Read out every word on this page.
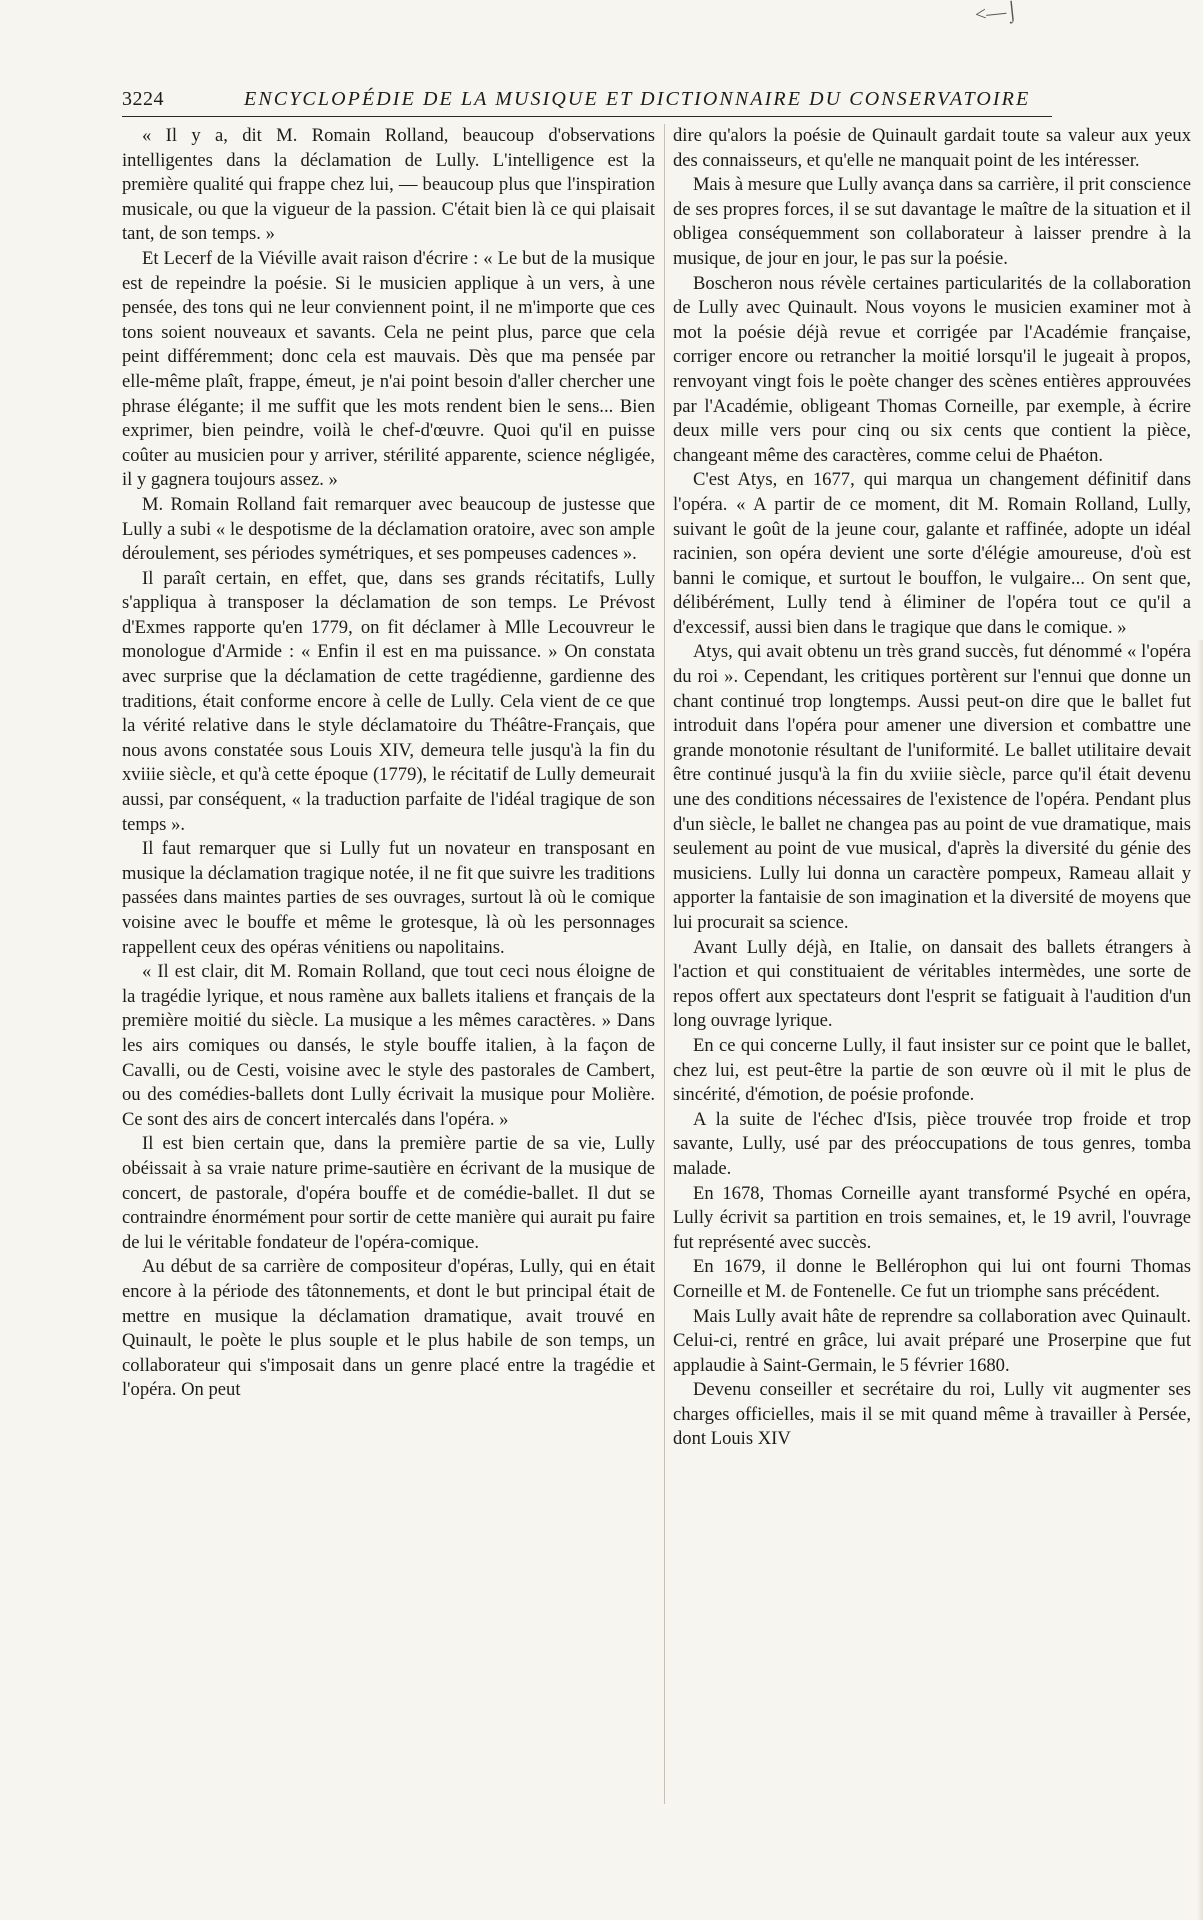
<—⌡
3224	ENCYCLOPÉDIE DE LA MUSIQUE ET DICTIONNAIRE DU CONSERVATOIRE

« Il y a, dit M. Romain Rolland, beaucoup d'observations intelligentes dans la déclamation de Lully. L'intelligence est la première qualité qui frappe chez lui, — beaucoup plus que l'inspiration musicale, ou que la vigueur de la passion. C'était bien là ce qui plaisait tant, de son temps. »

Et Lecerf de la Viéville avait raison d'écrire : « Le but de la musique est de repeindre la poésie. Si le musicien applique à un vers, à une pensée, des tons qui ne leur conviennent point, il ne m'importe que ces tons soient nouveaux et savants. Cela ne peint plus, parce que cela peint différemment; donc cela est mauvais. Dès que ma pensée par elle-même plaît, frappe, émeut, je n'ai point besoin d'aller chercher une phrase élégante; il me suffit que les mots rendent bien le sens... Bien exprimer, bien peindre, voilà le chef-d'œuvre. Quoi qu'il en puisse coûter au musicien pour y arriver, stérilité apparente, science négligée, il y gagnera toujours assez. »

M. Romain Rolland fait remarquer avec beaucoup de justesse que Lully a subi « le despotisme de la déclamation oratoire, avec son ample déroulement, ses périodes symétriques, et ses pompeuses cadences ».

Il paraît certain, en effet, que, dans ses grands récitatifs, Lully s'appliqua à transposer la déclamation de son temps. Le Prévost d'Exmes rapporte qu'en 1779, on fit déclamer à Mlle Lecouvreur le monologue d'Armide : « Enfin il est en ma puissance. » On constata avec surprise que la déclamation de cette tragédienne, gardienne des traditions, était conforme encore à celle de Lully. Cela vient de ce que la vérité relative dans le style déclamatoire du Théâtre-Français, que nous avons constatée sous Louis XIV, demeura telle jusqu'à la fin du xviiie siècle, et qu'à cette époque (1779), le récitatif de Lully demeurait aussi, par conséquent, « la traduction parfaite de l'idéal tragique de son temps ».

Il faut remarquer que si Lully fut un novateur en transposant en musique la déclamation tragique notée, il ne fit que suivre les traditions passées dans maintes parties de ses ouvrages, surtout là où le comique voisine avec le bouffe et même le grotesque, là où les personnages rappellent ceux des opéras vénitiens ou napolitains.

« Il est clair, dit M. Romain Rolland, que tout ceci nous éloigne de la tragédie lyrique, et nous ramène aux ballets italiens et français de la première moitié du siècle. La musique a les mêmes caractères. » Dans les airs comiques ou dansés, le style bouffe italien, à la façon de Cavalli, ou de Cesti, voisine avec le style des pastorales de Cambert, ou des comédies-ballets dont Lully écrivait la musique pour Molière. Ce sont des airs de concert intercalés dans l'opéra. »

Il est bien certain que, dans la première partie de sa vie, Lully obéissait à sa vraie nature prime-sautière en écrivant de la musique de concert, de pastorale, d'opéra bouffe et de comédie-ballet. Il dut se contraindre énormément pour sortir de cette manière qui aurait pu faire de lui le véritable fondateur de l'opéra-comique.

Au début de sa carrière de compositeur d'opéras, Lully, qui en était encore à la période des tâtonnements, et dont le but principal était de mettre en musique la déclamation dramatique, avait trouvé en Quinault, le poète le plus souple et le plus habile de son temps, un collaborateur qui s'imposait dans un genre placé entre la tragédie et l'opéra. On peut

dire qu'alors la poésie de Quinault gardait toute sa valeur aux yeux des connaisseurs, et qu'elle ne manquait point de les intéresser.

Mais à mesure que Lully avança dans sa carrière, il prit conscience de ses propres forces, il se sut davantage le maître de la situation et il obligea conséquemment son collaborateur à laisser prendre à la musique, de jour en jour, le pas sur la poésie.

Boscheron nous révèle certaines particularités de la collaboration de Lully avec Quinault. Nous voyons le musicien examiner mot à mot la poésie déjà revue et corrigée par l'Académie française, corriger encore ou retrancher la moitié lorsqu'il le jugeait à propos, renvoyant vingt fois le poète changer des scènes entières approuvées par l'Académie, obligeant Thomas Corneille, par exemple, à écrire deux mille vers pour cinq ou six cents que contient la pièce, changeant même des caractères, comme celui de Phaéton.

C'est Atys, en 1677, qui marqua un changement définitif dans l'opéra. « A partir de ce moment, dit M. Romain Rolland, Lully, suivant le goût de la jeune cour, galante et raffinée, adopte un idéal racinien, son opéra devient une sorte d'élégie amoureuse, d'où est banni le comique, et surtout le bouffon, le vulgaire... On sent que, délibérément, Lully tend à éliminer de l'opéra tout ce qu'il a d'excessif, aussi bien dans le tragique que dans le comique. »

Atys, qui avait obtenu un très grand succès, fut dénommé « l'opéra du roi ». Cependant, les critiques portèrent sur l'ennui que donne un chant continué trop longtemps. Aussi peut-on dire que le ballet fut introduit dans l'opéra pour amener une diversion et combattre une grande monotonie résultant de l'uniformité. Le ballet utilitaire devait être continué jusqu'à la fin du xviiie siècle, parce qu'il était devenu une des conditions nécessaires de l'existence de l'opéra. Pendant plus d'un siècle, le ballet ne changea pas au point de vue dramatique, mais seulement au point de vue musical, d'après la diversité du génie des musiciens. Lully lui donna un caractère pompeux, Rameau allait y apporter la fantaisie de son imagination et la diversité de moyens que lui procurait sa science.

Avant Lully déjà, en Italie, on dansait des ballets étrangers à l'action et qui constituaient de véritables intermèdes, une sorte de repos offert aux spectateurs dont l'esprit se fatiguait à l'audition d'un long ouvrage lyrique.

En ce qui concerne Lully, il faut insister sur ce point que le ballet, chez lui, est peut-être la partie de son œuvre où il mit le plus de sincérité, d'émotion, de poésie profonde.

A la suite de l'échec d'Isis, pièce trouvée trop froide et trop savante, Lully, usé par des préoccupations de tous genres, tomba malade.

En 1678, Thomas Corneille ayant transformé Psyché en opéra, Lully écrivit sa partition en trois semaines, et, le 19 avril, l'ouvrage fut représenté avec succès.

En 1679, il donne le Bellérophon qui lui ont fourni Thomas Corneille et M. de Fontenelle. Ce fut un triomphe sans précédent.

Mais Lully avait hâte de reprendre sa collaboration avec Quinault. Celui-ci, rentré en grâce, lui avait préparé une Proserpine que fut applaudie à Saint-Germain, le 5 février 1680.

Devenu conseiller et secrétaire du roi, Lully vit augmenter ses charges officielles, mais il se mit quand même à travailler à Persée, dont Louis XIV
